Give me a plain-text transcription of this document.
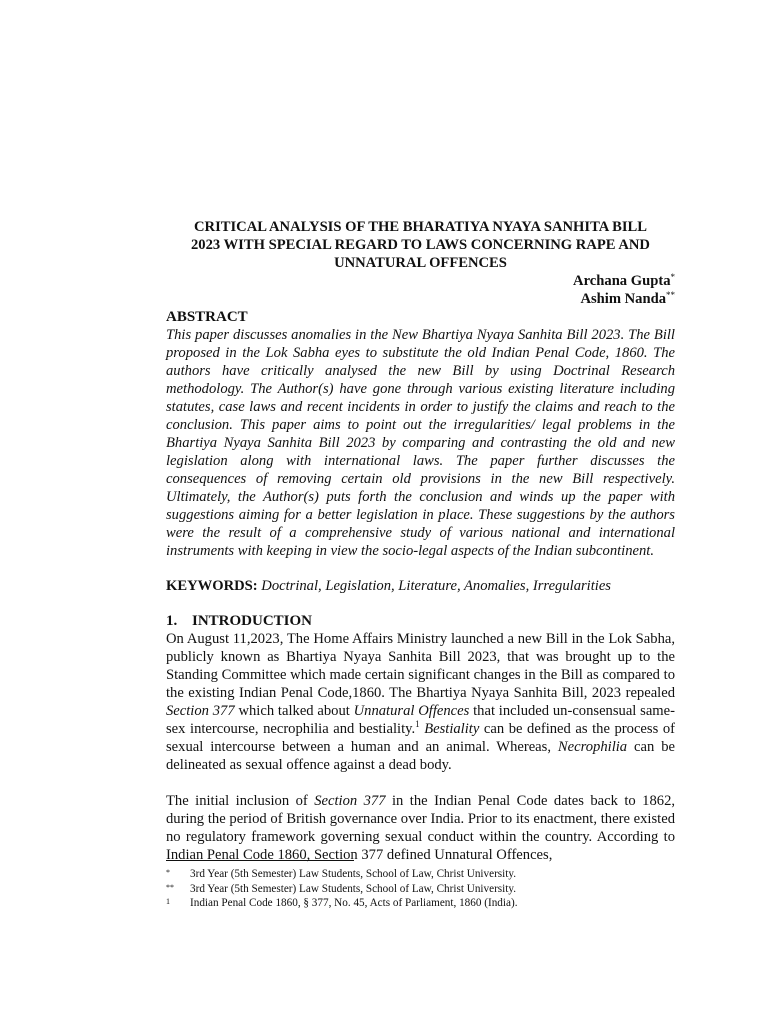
CRITICAL ANALYSIS OF THE BHARATIYA NYAYA SANHITA BILL
2023 WITH SPECIAL REGARD TO LAWS CONCERNING RAPE AND
UNNATURAL OFFENCES
Archana Gupta*
Ashim Nanda**
ABSTRACT

This paper discusses anomalies in the New Bhartiya Nyaya Sanhita Bill 2023. The Bill proposed in the Lok Sabha eyes to substitute the old Indian Penal Code, 1860. The authors have critically analysed the new Bill by using Doctrinal Research methodology. The Author(s) have gone through various existing literature including statutes, case laws and recent incidents in order to justify the claims and reach to the conclusion. This paper aims to point out the irregularities/ legal problems in the Bhartiya Nyaya Sanhita Bill 2023 by comparing and contrasting the old and new legislation along with international laws. The paper further discusses the consequences of removing certain old provisions in the new Bill respectively. Ultimately, the Author(s) puts forth the conclusion and winds up the paper with suggestions aiming for a better legislation in place. These suggestions by the authors were the result of a comprehensive study of various national and international instruments with keeping in view the socio-legal aspects of the Indian subcontinent.

KEYWORDS: Doctrinal, Legislation, Literature, Anomalies, Irregularities

1. INTRODUCTION

On August 11,2023, The Home Affairs Ministry launched a new Bill in the Lok Sabha, publicly known as Bhartiya Nyaya Sanhita Bill 2023, that was brought up to the Standing Committee which made certain significant changes in the Bill as compared to the existing Indian Penal Code,1860. The Bhartiya Nyaya Sanhita Bill, 2023 repealed Section 377 which talked about Unnatural Offences that included un-consensual same- sex intercourse, necrophilia and bestiality.$^1$ Bestiality can be defined as the process of sexual intercourse between a human and an animal. Whereas, Necrophilia can be delineated as sexual offence against a dead body.

The initial inclusion of Section 377 in the Indian Penal Code dates back to 1862, during the period of British governance over India. Prior to its enactment, there existed no regulatory framework governing sexual conduct within the country. According to Indian Penal Code 1860, Section 377 defined Unnatural Offences,

*	3rd Year (5th Semester) Law Students, School of Law, Christ University.
**	3rd Year (5th Semester) Law Students, School of Law, Christ University.
1	Indian Penal Code 1860, § 377, No. 45, Acts of Parliament, 1860 (India).
